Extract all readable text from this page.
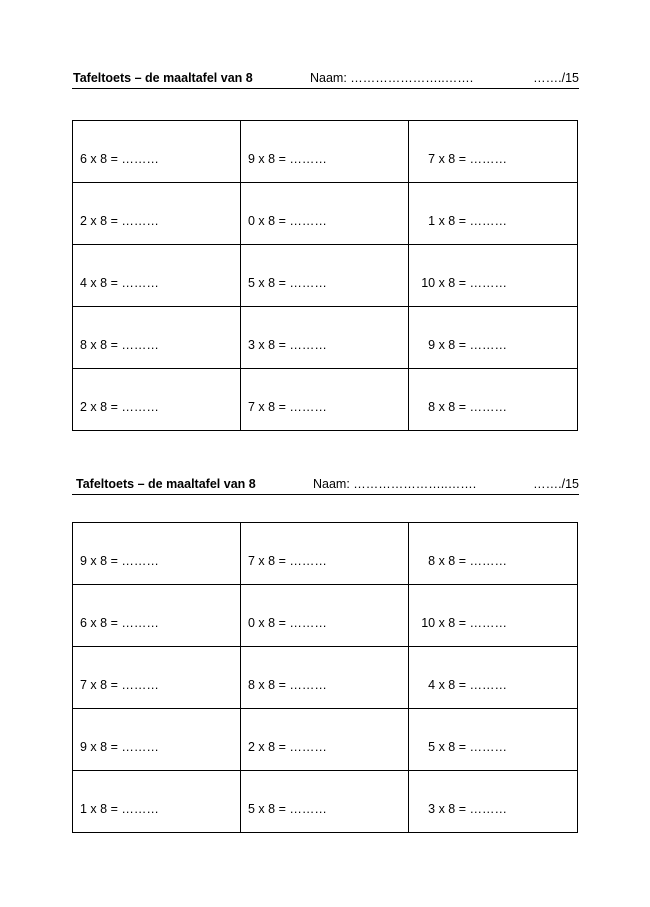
Tafeltoets – de maaltafel van 8	Naam: …………………..…….	……./15
6 x 8 = ………	9 x 8 = ………	7 x 8 = ………

2 x 8 = ………	0 x 8 = ………	1 x 8 = ………

4 x 8 = ………	5 x 8 = ………	10 x 8 = ………

8 x 8 = ………	3 x 8 = ………	9 x 8 = ………

2 x 8 = ………	7 x 8 = ………	8 x 8 = ………
Tafeltoets – de maaltafel van 8	Naam: …………………..…….	……./15
9 x 8 = ………	7 x 8 = ………	8 x 8 = ………

6 x 8 = ………	0 x 8 = ………	10 x 8 = ………

7 x 8 = ………	8 x 8 = ………	4 x 8 = ………

9 x 8 = ………	2 x 8 = ………	5 x 8 = ………

1 x 8 = ………	5 x 8 = ………	3 x 8 = ………
